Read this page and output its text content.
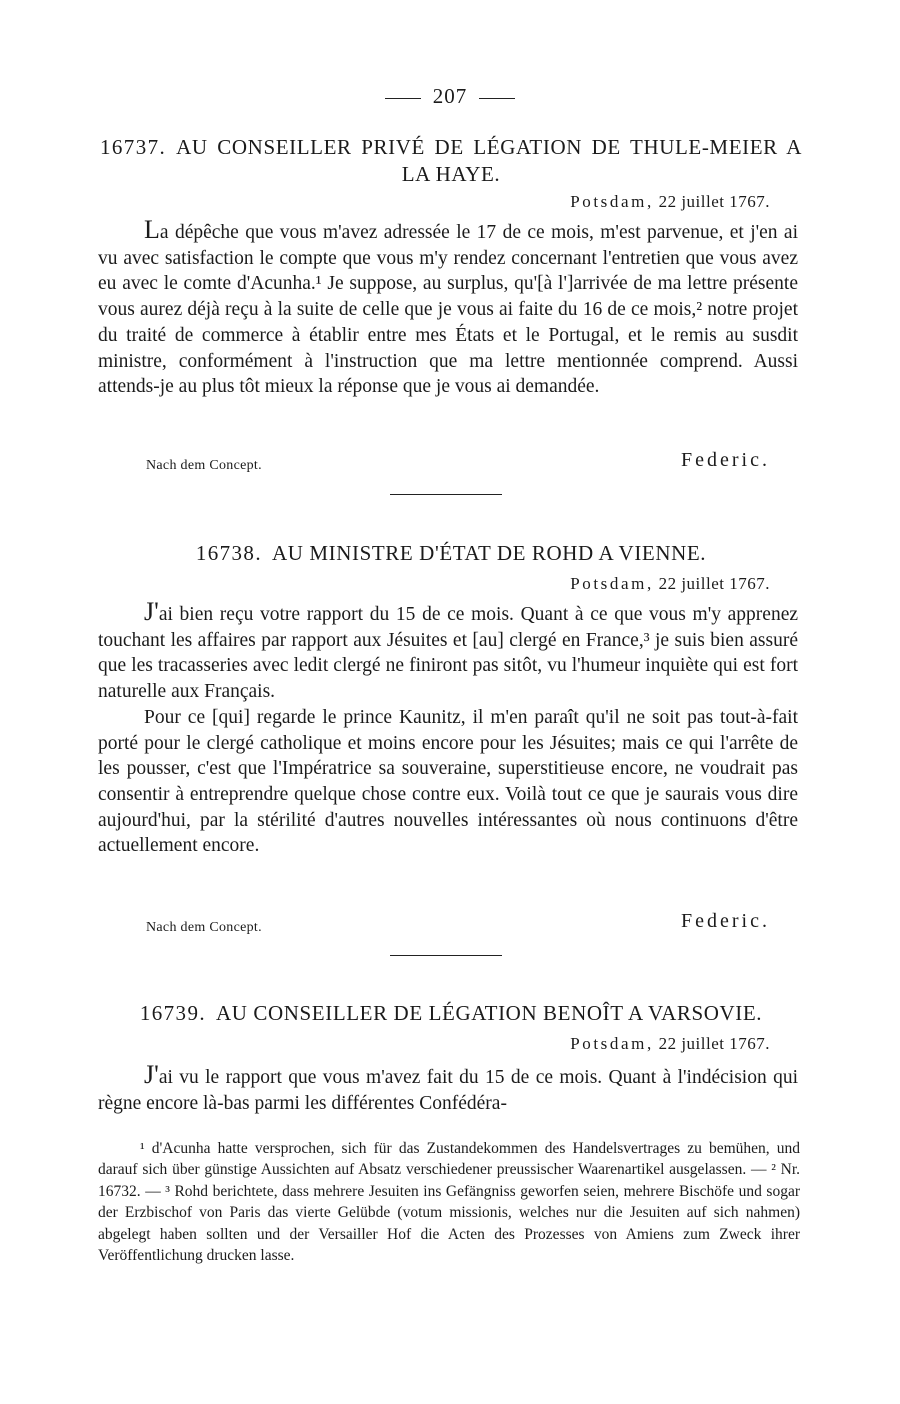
207
16737. AU CONSEILLER PRIVÉ DE LÉGATION DE THULE-MEIER A LA HAYE.
Potsdam, 22 juillet 1767.

La dépêche que vous m'avez adressée le 17 de ce mois, m'est parvenue, et j'en ai vu avec satisfaction le compte que vous m'y rendez concernant l'entretien que vous avez eu avec le comte d'Acunha.¹ Je suppose, au surplus, qu'[à l']arrivée de ma lettre présente vous aurez déjà reçu à la suite de celle que je vous ai faite du 16 de ce mois,² notre projet du traité de commerce à établir entre mes États et le Portugal, et le remis au susdit ministre, conformément à l'instruction que ma lettre mentionnée comprend. Aussi attends-je au plus tôt mieux la réponse que je vous ai demandée.

Nach dem Concept.	Federic.
16738. AU MINISTRE D'ÉTAT DE ROHD A VIENNE.
Potsdam, 22 juillet 1767.

J'ai bien reçu votre rapport du 15 de ce mois. Quant à ce que vous m'y apprenez touchant les affaires par rapport aux Jésuites et [au] clergé en France,³ je suis bien assuré que les tracasseries avec ledit clergé ne finiront pas sitôt, vu l'humeur inquiète qui est fort naturelle aux Français.

Pour ce [qui] regarde le prince Kaunitz, il m'en paraît qu'il ne soit pas tout-à-fait porté pour le clergé catholique et moins encore pour les Jésuites; mais ce qui l'arrête de les pousser, c'est que l'Impératrice sa souveraine, superstitieuse encore, ne voudrait pas consentir à entreprendre quelque chose contre eux. Voilà tout ce que je saurais vous dire aujourd'hui, par la stérilité d'autres nouvelles intéressantes où nous continuons d'être actuellement encore.

Nach dem Concept.	Federic.
16739. AU CONSEILLER DE LÉGATION BENOÎT A VARSOVIE.
Potsdam, 22 juillet 1767.

J'ai vu le rapport que vous m'avez fait du 15 de ce mois. Quant à l'indécision qui règne encore là-bas parmi les différentes Confédéra-

¹ d'Acunha hatte versprochen, sich für das Zustandekommen des Handelsvertrages zu bemühen, und darauf sich über günstige Aussichten auf Absatz verschiedener preussischer Waarenartikel ausgelassen. — ² Nr. 16732. — ³ Rohd berichtete, dass mehrere Jesuiten ins Gefängniss geworfen seien, mehrere Bischöfe und sogar der Erzbischof von Paris das vierte Gelübde (votum missionis, welches nur die Jesuiten auf sich nahmen) abgelegt haben sollten und der Versailler Hof die Acten des Prozesses von Amiens zum Zweck ihrer Veröffentlichung drucken lasse.
